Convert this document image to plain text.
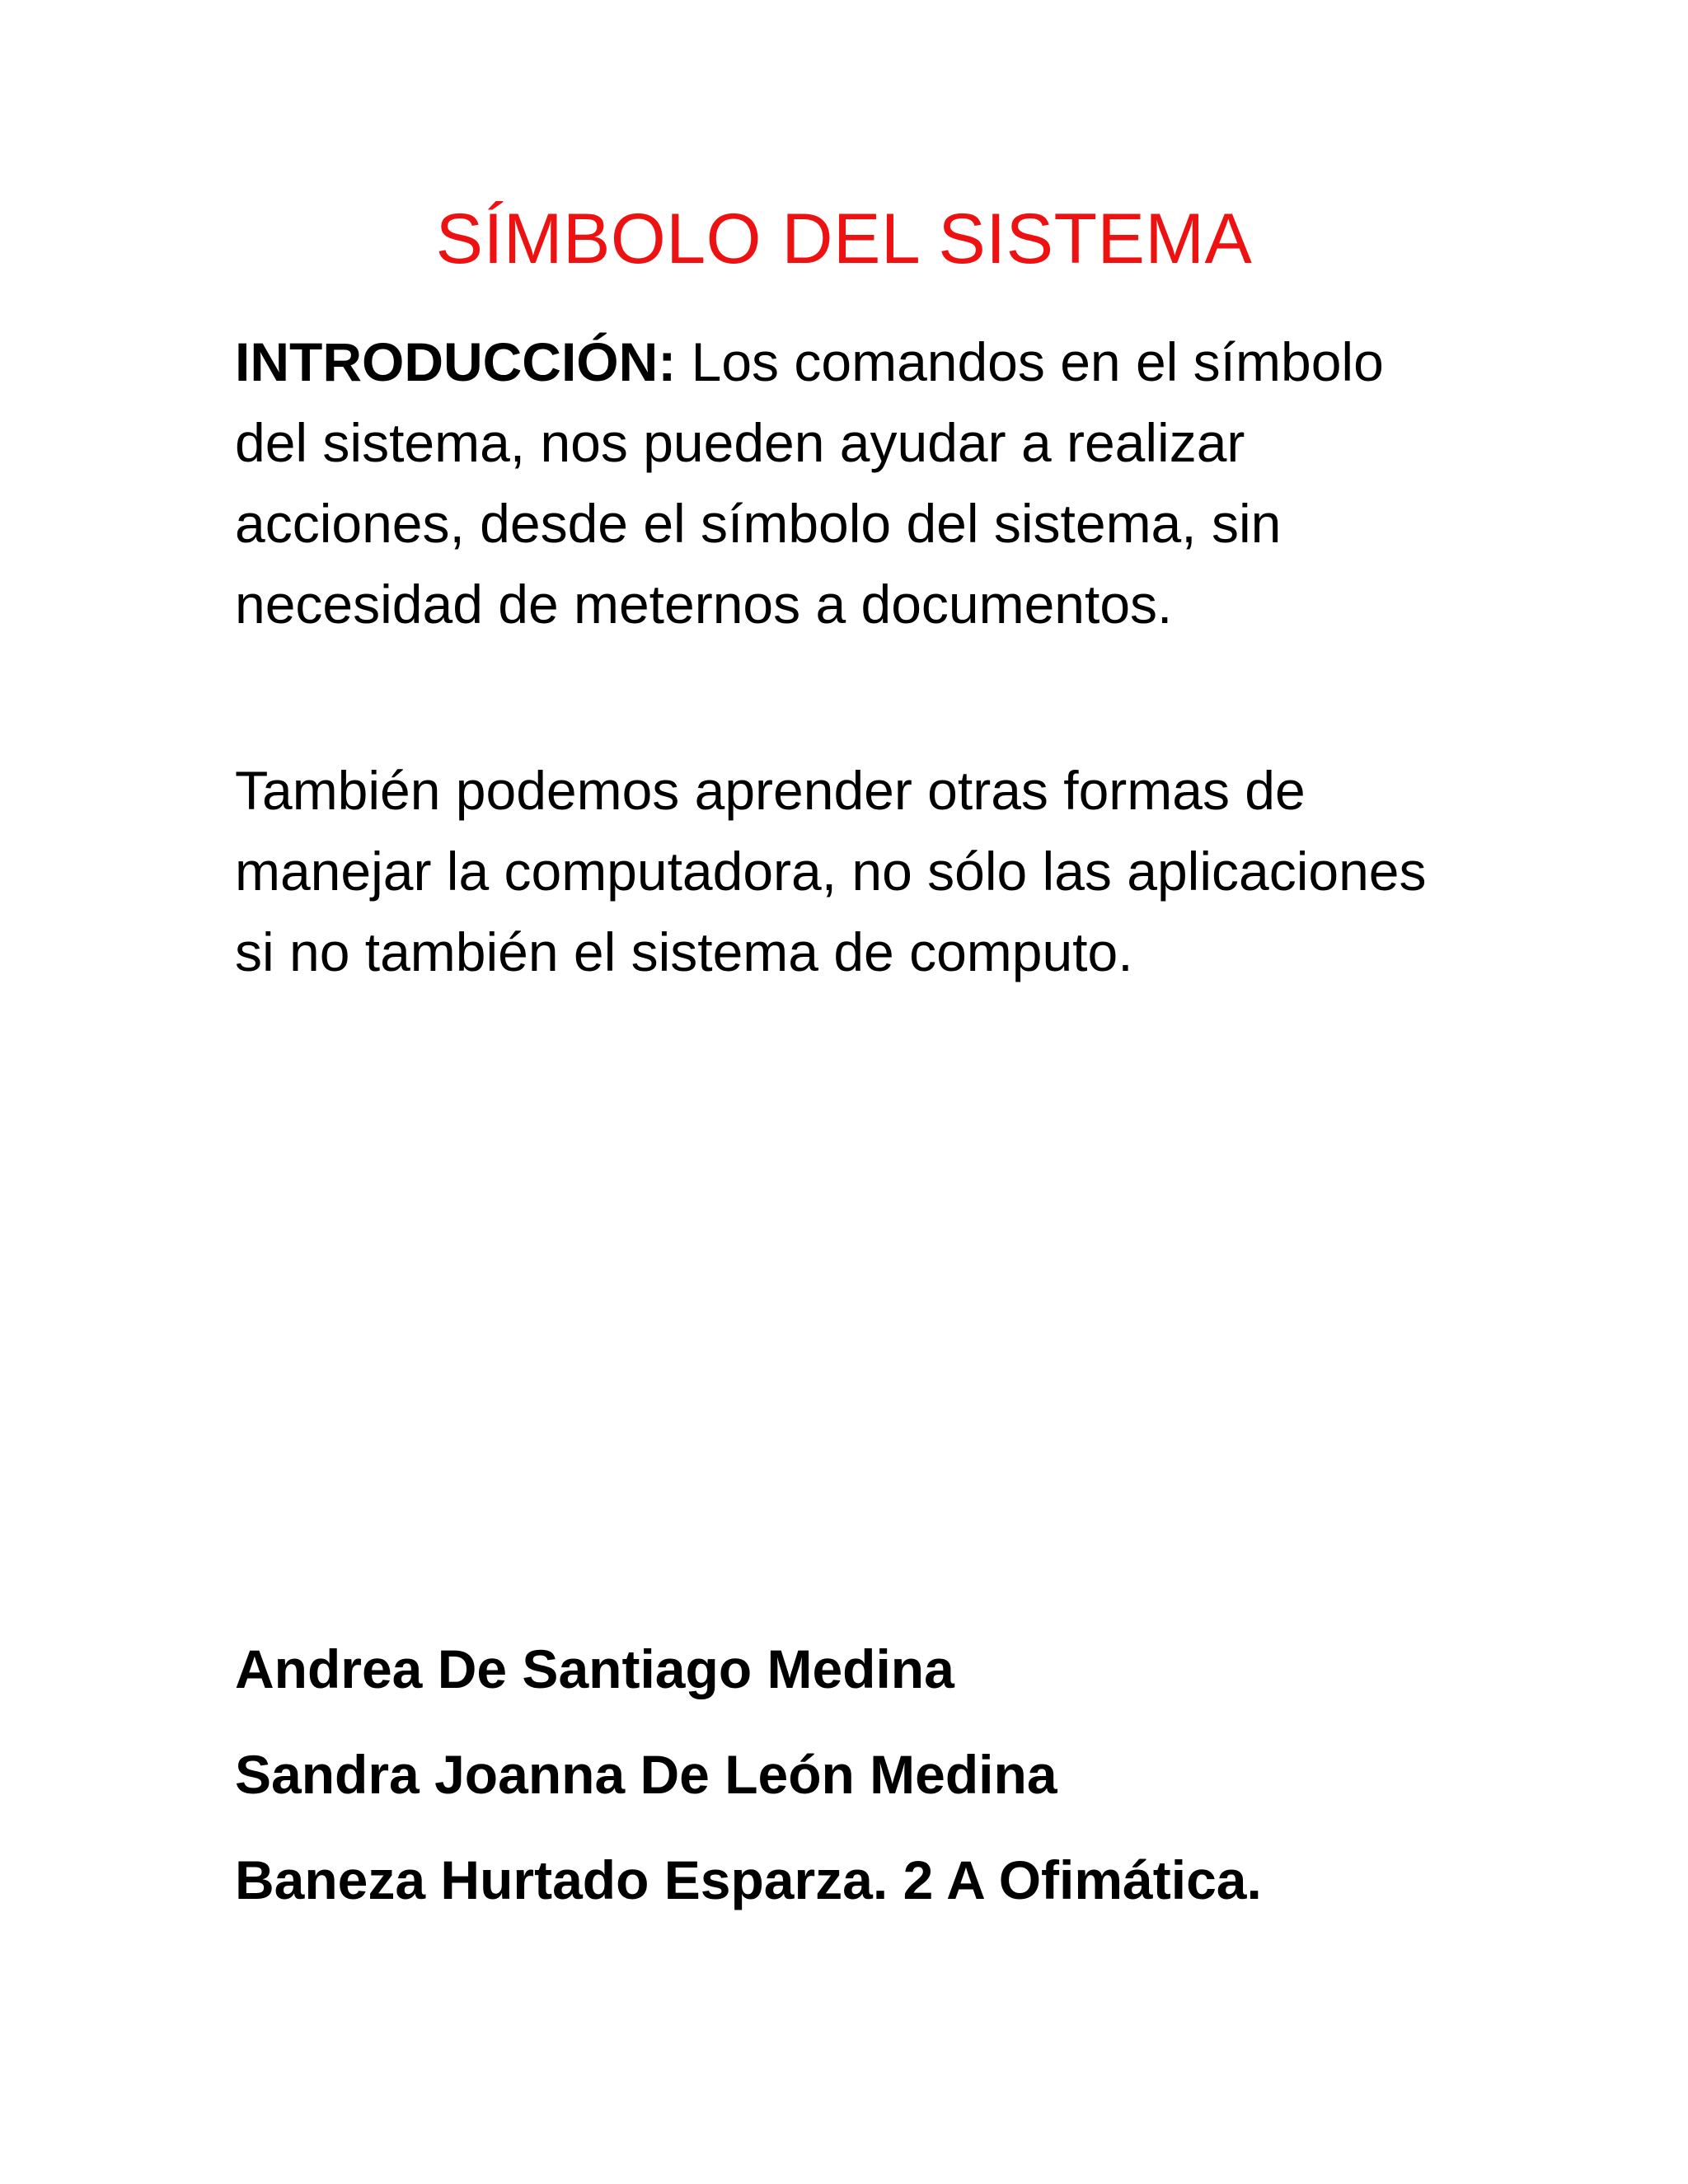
SÍMBOLO DEL SISTEMA

INTRODUCCIÓN: Los comandos en el símbolo del sistema, nos pueden ayudar a realizar acciones, desde el símbolo del sistema, sin necesidad de meternos a documentos.

También podemos aprender otras formas de manejar la computadora, no sólo las aplicaciones si no también el sistema de computo.

Andrea De Santiago Medina
Sandra Joanna De León Medina
Baneza Hurtado Esparza. 2 A Ofimática.
